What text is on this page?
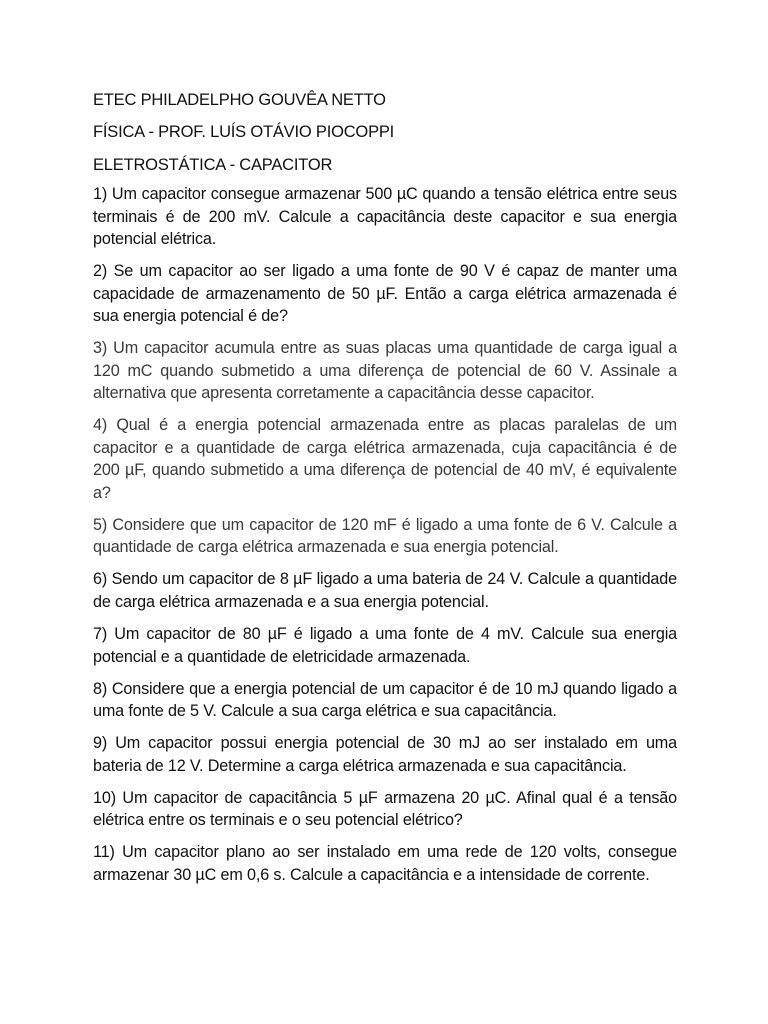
ETEC PHILADELPHO GOUVÊA NETTO
FÍSICA - PROF. LUÍS OTÁVIO PIOCOPPI
ELETROSTÁTICA - CAPACITOR

1) Um capacitor consegue armazenar 500 µC quando a tensão elétrica entre seus terminais é de 200 mV. Calcule a capacitância deste capacitor e sua energia potencial elétrica.

2) Se um capacitor ao ser ligado a uma fonte de 90 V é capaz de manter uma capacidade de armazenamento de 50 µF. Então a carga elétrica armazenada é sua energia potencial é de?

3) Um capacitor acumula entre as suas placas uma quantidade de carga igual a 120 mC quando submetido a uma diferença de potencial de 60 V. Assinale a alternativa que apresenta corretamente a capacitância desse capacitor.

4) Qual é a energia potencial armazenada entre as placas paralelas de um capacitor e a quantidade de carga elétrica armazenada, cuja capacitância é de 200 µF, quando submetido a uma diferença de potencial de 40 mV, é equivalente a?

5) Considere que um capacitor de 120 mF é ligado a uma fonte de 6 V. Calcule a quantidade de carga elétrica armazenada e sua energia potencial.

6) Sendo um capacitor de 8 µF ligado a uma bateria de 24 V. Calcule a quantidade de carga elétrica armazenada e a sua energia potencial.

7) Um capacitor de 80 µF é ligado a uma fonte de 4 mV. Calcule sua energia potencial e a quantidade de eletricidade armazenada.

8) Considere que a energia potencial de um capacitor é de 10 mJ quando ligado a uma fonte de 5 V. Calcule a sua carga elétrica e sua capacitância.

9) Um capacitor possui energia potencial de 30 mJ ao ser instalado em uma bateria de 12 V. Determine a carga elétrica armazenada e sua capacitância.

10) Um capacitor de capacitância 5 µF armazena 20 µC. Afinal qual é a tensão elétrica entre os terminais e o seu potencial elétrico?

11) Um capacitor plano ao ser instalado em uma rede de 120 volts, consegue armazenar 30 µC em 0,6 s. Calcule a capacitância e a intensidade de corrente.
